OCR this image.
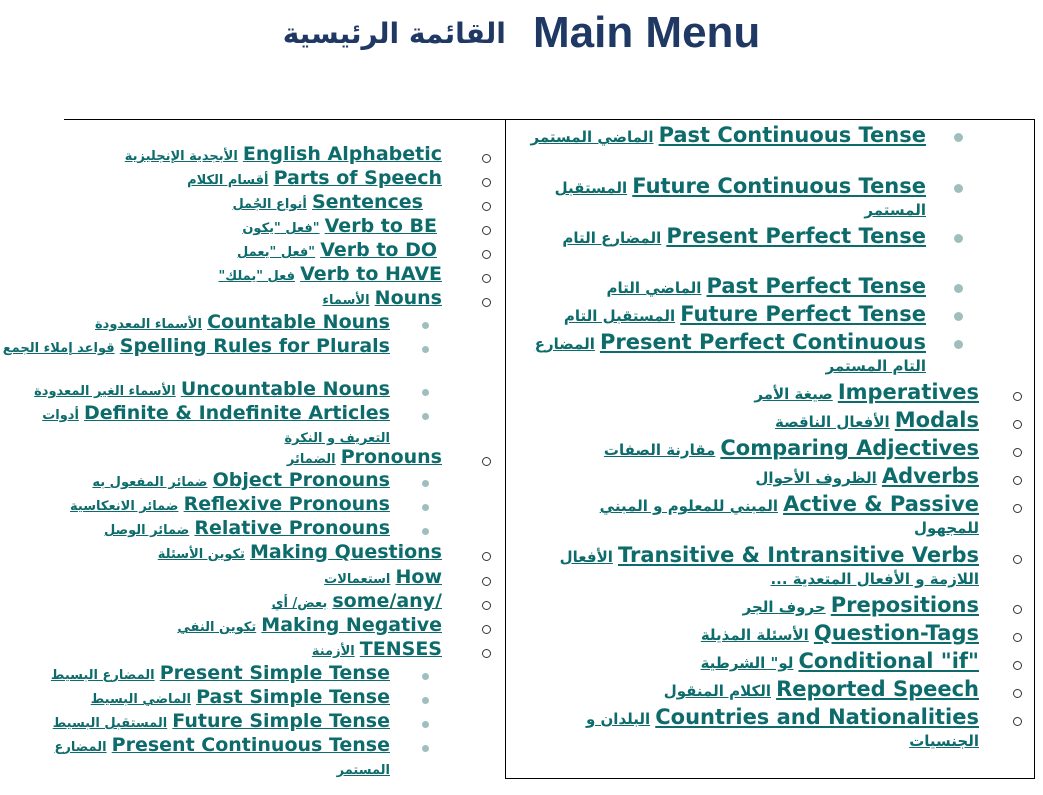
القائمة الرئيسية Main Menu
English Alphabetic الأبجدية الإنجليزية
Parts of Speech أقسام الكلام
Sentences أنواع الجُمل
Verb to BE "فعل "يكون
Verb to DO "فعل "يعمل
Verb to HAVE فعل "يملك"
Nouns الأسماء
Countable Nouns الأسماء المعدودة
Spelling Rules for Plurals قواعد إملاء الجمع
Uncountable Nouns الأسماء الغير المعدودة
Definite & Indefinite Articles أدوات التعريف و النكرة
Pronouns الضمائر
Object Pronouns ضمائر المفعول به
Reflexive Pronouns ضمائر الانعكاسية
Relative Pronouns ضمائر الوصل
Making Questions تكوين الأسئلة
How استعمالات
some/any/ بعض/ أي
Making Negative تكوين النفي
TENSES الأزمنة
Present Simple Tense المضارع البسيط
Past Simple Tense الماضي البسيط
Future Simple Tense المستقبل البسيط
Present Continuous Tense المضارع المستمر
Past Continuous Tense الماضي المستمر
Future Continuous Tense المستقبل المستمر
Present Perfect Tense المضارع التام
Past Perfect Tense الماضي التام
Future Perfect Tense المستقبل التام
Present Perfect Continuous المضارع التام المستمر
Imperatives صيغة الأمر
Modals الأفعال الناقصة
Comparing Adjectives مقارنة الصفات
Adverbs الظروف الأحوال
Active & Passive المبني للمعلوم و المبني للمجهول
Transitive & Intransitive Verbs الأفعال اللازمة و الأفعال المتعدية ...
Prepositions حروف الجر
Question-Tags الأسئلة المذيلة
Conditional "if" لو" الشرطية
Reported Speech الكلام المنقول
Countries and Nationalities البلدان و الجنسيات
